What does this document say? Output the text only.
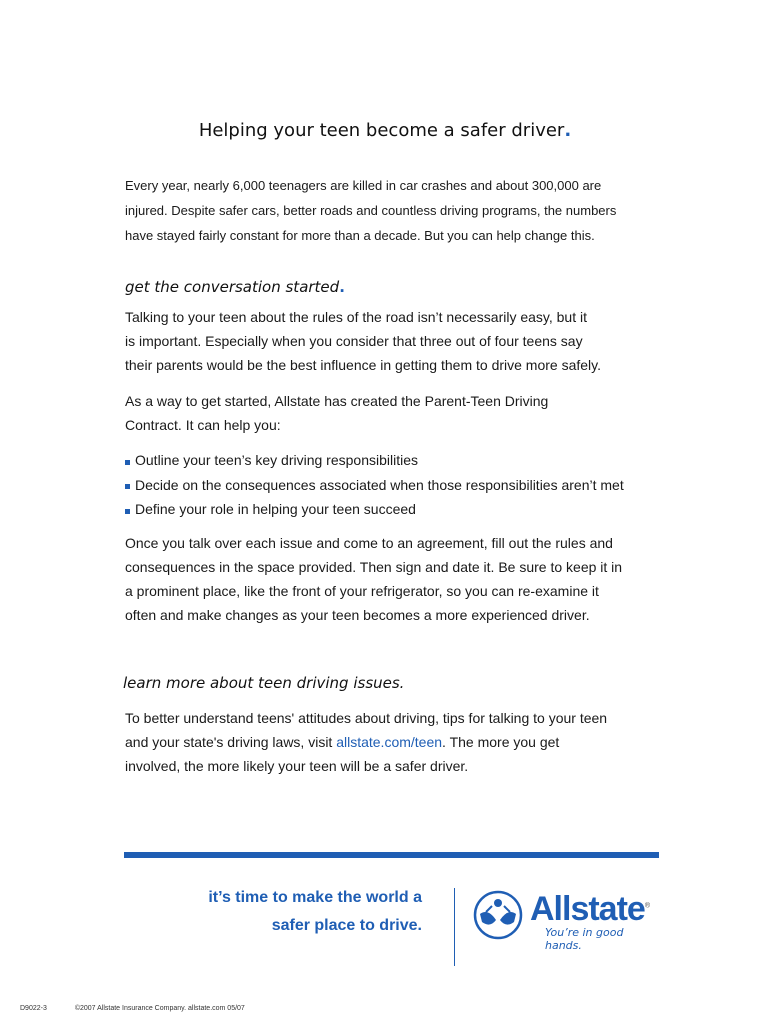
Helping your teen become a safer driver.
Every year, nearly 6,000 teenagers are killed in car crashes and about 300,000 are
injured. Despite safer cars, better roads and countless driving programs, the numbers
have stayed fairly constant for more than a decade. But you can help change this.
get the conversation started.
Talking to your teen about the rules of the road isn’t necessarily easy, but it
is important. Especially when you consider that three out of four teens say
their parents would be the best influence in getting them to drive more safely.
As a way to get started, Allstate has created the Parent-Teen Driving
Contract. It can help you:
Outline your teen’s key driving responsibilities
Decide on the consequences associated when those responsibilities aren’t met
Define your role in helping your teen succeed
Once you talk over each issue and come to an agreement, fill out the rules and
consequences in the space provided. Then sign and date it. Be sure to keep it in
a prominent place, like the front of your refrigerator, so you can re-examine it
often and make changes as your teen becomes a more experienced driver.
learn more about teen driving issues.
To better understand teens' attitudes about driving, tips for talking to your teen
and your state's driving laws, visit allstate.com/teen. The more you get
involved, the more likely your teen will be a safer driver.
it’s time to make the world a
safer place to drive.	Allstate®
You’re in good hands.
D9022-3	©2007 Allstate Insurance Company. allstate.com 05/07
